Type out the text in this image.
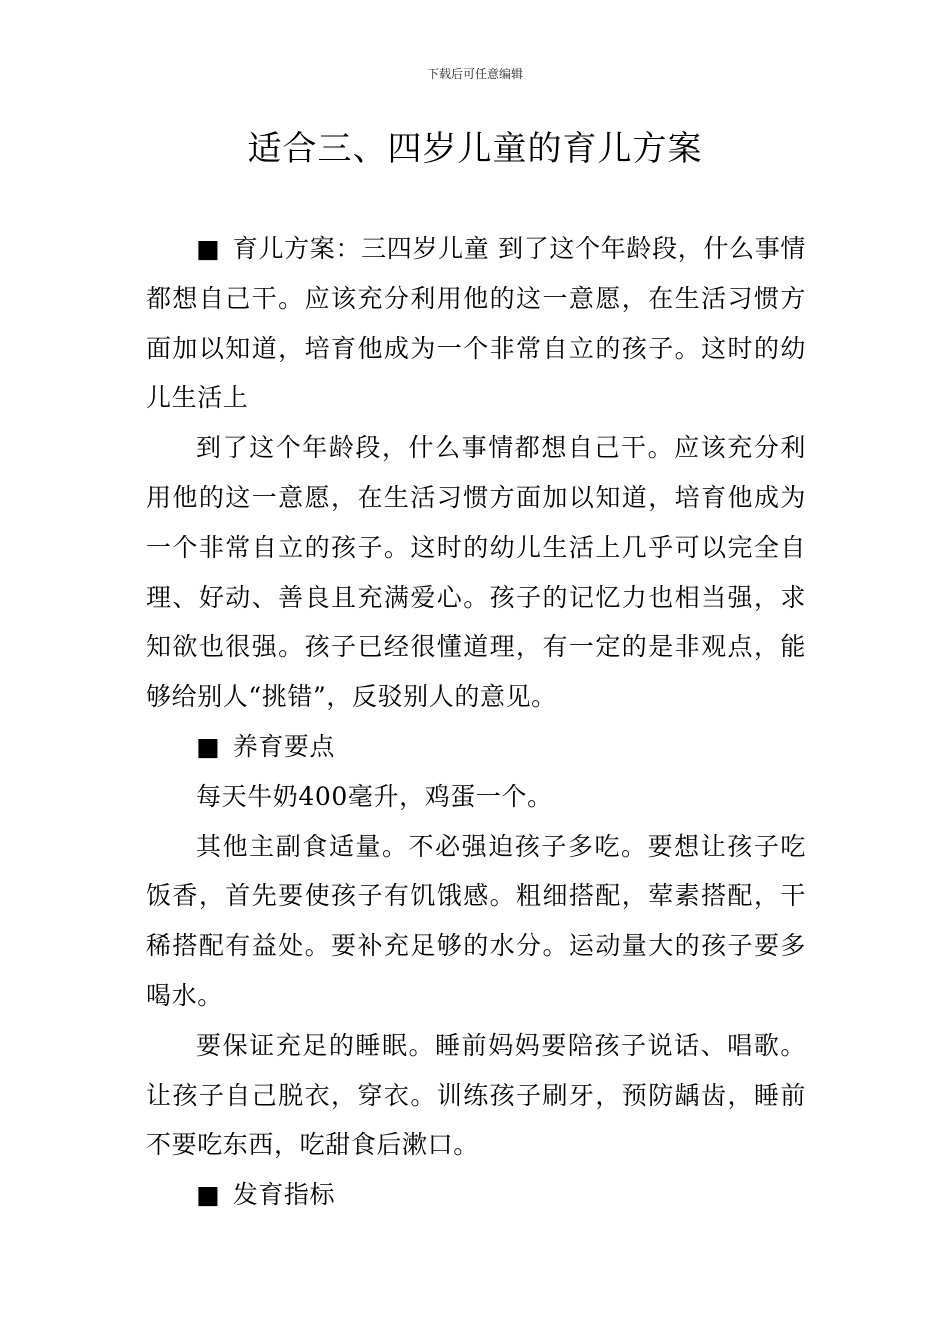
下载后可任意编辑
适合三、四岁儿童的育儿方案

■ 育儿方案：三四岁儿童 到了这个年龄段，什么事情都想自己干。应该充分利用他的这一意愿，在生活习惯方面加以知道，培育他成为一个非常自立的孩子。这时的幼儿生活上

到了这个年龄段，什么事情都想自己干。应该充分利用他的这一意愿，在生活习惯方面加以知道，培育他成为一个非常自立的孩子。这时的幼儿生活上几乎可以完全自理、好动、善良且充满爱心。孩子的记忆力也相当强，求知欲也很强。孩子已经很懂道理，有一定的是非观点，能够给别人“挑错”，反驳别人的意见。

■ 养育要点

每天牛奶400毫升，鸡蛋一个。

其他主副食适量。不必强迫孩子多吃。要想让孩子吃饭香，首先要使孩子有饥饿感。粗细搭配，荤素搭配，干稀搭配有益处。要补充足够的水分。运动量大的孩子要多喝水。

要保证充足的睡眠。睡前妈妈要陪孩子说话、唱歌。让孩子自己脱衣，穿衣。训练孩子刷牙，预防龋齿，睡前不要吃东西，吃甜食后漱口。

■ 发育指标
